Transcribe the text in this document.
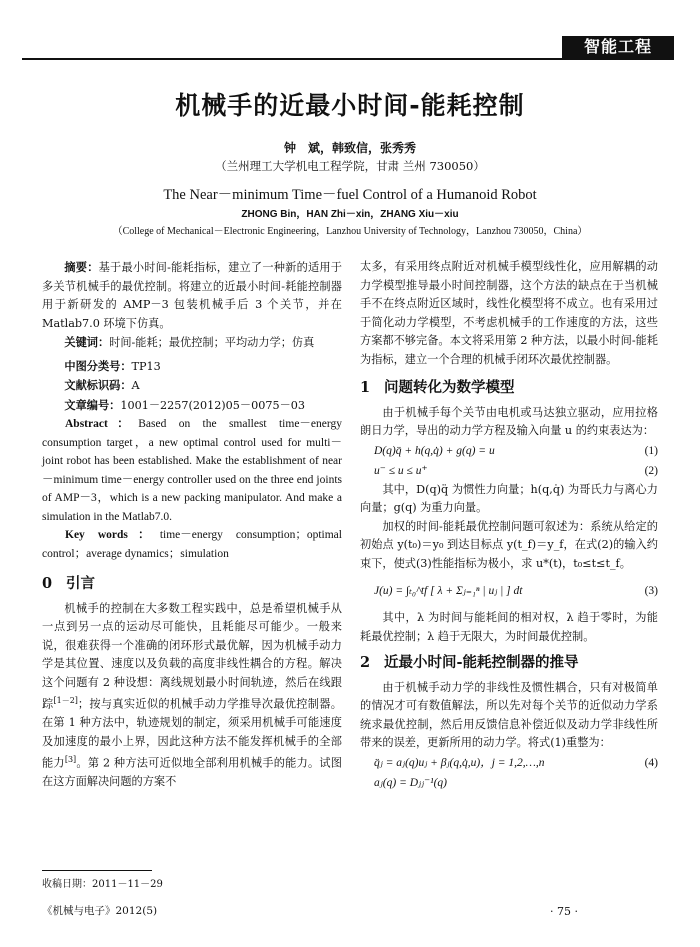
智能工程
机械手的近最小时间-能耗控制
钟　斌，韩致信，张秀秀
（兰州理工大学机电工程学院，甘肃 兰州 730050）
The Near－minimum Time－fuel Control of a Humanoid Robot
ZHONG Bin，HAN Zhi－xin，ZHANG Xiu－xiu
（College of Mechanical－Electronic Engineering，Lanzhou University of Technology，Lanzhou 730050，China）

摘要：基于最小时间-能耗指标，建立了一种新的适用于多关节机械手的最优控制。将建立的近最小时间-耗能控制器用于新研发的 AMP－3 包装机械手后 3 个关节，并在 Matlab7.0 环境下仿真。

关键词：时间-能耗；最优控制；平均动力学；仿真

中图分类号：TP13

文献标识码：A

文章编号：1001－2257(2012)05－0075－03

Abstract：Based on the smallest time－energy consumption target，a new optimal control used for multi－joint robot has been established. Make the establishment of near－minimum time－energy controller used on the three end joints of AMP－3，which is a new packing manipulator. And make a simulation in the Matlab7.0.

Key words：time－energy consumption；optimal control；average dynamics；simulation

0 引言

机械手的控制在大多数工程实践中，总是希望机械手从一点到另一点的运动尽可能快，且耗能尽可能少。一般来说，很难获得一个准确的闭环形式最优解，因为机械手动力学是其位置、速度以及负载的高度非线性耦合的方程。解决这个问题有 2 种设想：离线规划最小时间轨迹，然后在线跟踪[1－2]；按与真实近似的机械手动力学推导次最优控制器。在第 1 种方法中，轨迹规划的制定，须采用机械手可能速度及加速度的最小上界，因此这种方法不能发挥机械手的全部能力[3]。第 2 种方法可近似地全部利用机械手的能力。试图在这方面解决问题的方案不

太多，有采用终点附近对机械手模型线性化，应用解耦的动力学模型推导最小时间控制器，这个方法的缺点在于当机械手不在终点附近区域时，线性化模型将不成立。也有采用过于简化动力学模型，不考虑机械手的工作速度的方法，这些方案都不够完备。本文将采用第 2 种方法，以最小时间-能耗为指标，建立一个合理的机械手闭环次最优控制器。

1 问题转化为数学模型

由于机械手每个关节由电机或马达独立驱动，应用拉格朗日力学，导出的动力学方程及输入向量 u 的约束表达为：

D(q)q̈ + h(q,q̇) + g(q) = u	(1)
u⁻ ≤ u ≤ u⁺	(2)

其中，D(q)q̈ 为惯性力向量；h(q,q̇) 为哥氏力与离心力向量；g(q) 为重力向量。

加权的时间-能耗最优控制问题可叙述为：系统从给定的初始点 y(t₀)＝y₀ 到达目标点 y(t_f)＝y_f，在式(2)的输入约束下，使式(3)性能指标为极小，求 u*(t)，t₀≤t≤t_f。

J(u) = ∫ₜ₀^tf [ λ + Σⱼ₌₁ⁿ | uⱼ | ] dt	(3)

其中，λ 为时间与能耗间的相对权，λ 趋于零时，为能耗最优控制；λ 趋于无限大，为时间最优控制。

2 近最小时间-能耗控制器的推导

由于机械手动力学的非线性及惯性耦合，只有对极简单的情况才可有数值解法，所以先对每个关节的近似动力学系统求最优控制，然后用反馈信息补偿近似及动力学非线性所带来的误差，更新所用的动力学。将式(1)重整为：

q̈ⱼ = aⱼ(q)uⱼ + βⱼ(q,q̇,u)，j = 1,2,…,n	(4)
aⱼ(q) = Dⱼⱼ⁻¹(q)
收稿日期：2011－11－29
《机械与电子》2012(5)	· 75 ·
